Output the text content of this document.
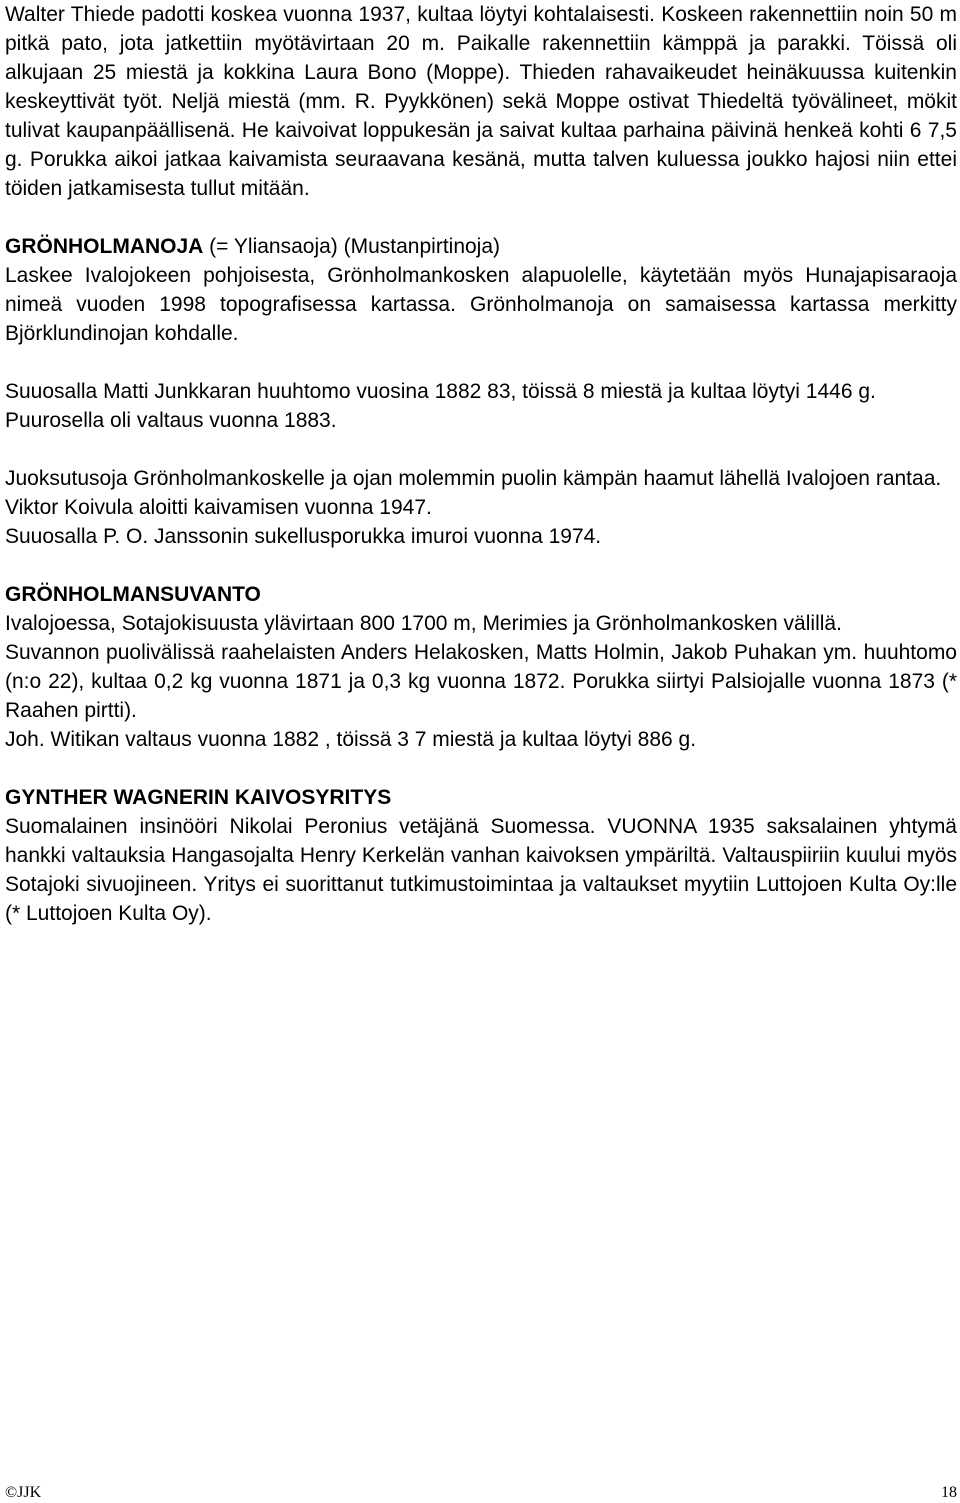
Walter Thiede padotti koskea vuonna 1937, kultaa löytyi kohtalaisesti. Koskeen rakennettiin noin 50 m pitkä pato, jota jatkettiin myötävirtaan 20 m. Paikalle rakennettiin kämppä ja parakki. Töissä oli alkujaan 25 miestä ja kokkina Laura Bono (Moppe). Thieden rahavaikeudet heinäkuussa kuitenkin keskeyttivät työt. Neljä miestä (mm. R. Pyykkönen) sekä Moppe ostivat Thiedeltä työvälineet, mökit tulivat kaupanpäällisenä. He kaivoivat loppukesän ja saivat kultaa parhaina päivinä henkeä kohti 6 7,5 g. Porukka aikoi jatkaa kaivamista seuraavana kesänä, mutta talven kuluessa joukko hajosi niin ettei töiden jatkamisesta tullut mitään.

GRÖNHOLMANOJA (= Yliansaoja) (Mustanpirtinoja)

Laskee Ivalojokeen pohjoisesta, Grönholmankosken alapuolelle, käytetään myös Hunajapisaraoja nimeä vuoden 1998 topografisessa kartassa. Grönholmanoja on samaisessa kartassa merkitty Björklundinojan kohdalle.

Suuosalla Matti Junkkaran huuhtomo vuosina 1882 83, töissä 8 miestä ja kultaa löytyi 1446 g.

Puurosella oli valtaus vuonna 1883.

Juoksutusoja Grönholmankoskelle ja ojan molemmin puolin kämpän haamut lähellä Ivalojoen rantaa.

Viktor Koivula aloitti kaivamisen vuonna 1947.

Suuosalla P. O. Janssonin sukellusporukka imuroi vuonna 1974.

GRÖNHOLMANSUVANTO

Ivalojoessa, Sotajokisuusta ylävirtaan 800 1700 m, Merimies ja Grönholmankosken välillä.

Suvannon puolivälissä raahelaisten Anders Helakosken, Matts Holmin, Jakob Puhakan ym. huuhtomo (n:o 22), kultaa 0,2 kg vuonna 1871 ja 0,3 kg vuonna 1872. Porukka siirtyi Palsiojalle vuonna 1873 (* Raahen pirtti).

Joh. Witikan valtaus vuonna 1882 , töissä 3 7 miestä ja kultaa löytyi 886 g.

GYNTHER WAGNERIN KAIVOSYRITYS

Suomalainen insinööri Nikolai Peronius vetäjänä Suomessa. VUONNA 1935 saksalainen yhtymä hankki valtauksia Hangasojalta Henry Kerkelän vanhan kaivoksen ympäriltä. Valtauspiiriin kuului myös Sotajoki sivuojineen. Yritys ei suorittanut tutkimustoimintaa ja valtaukset myytiin Luttojoen Kulta Oy:lle (* Luttojoen Kulta Oy).

©JJK	18
